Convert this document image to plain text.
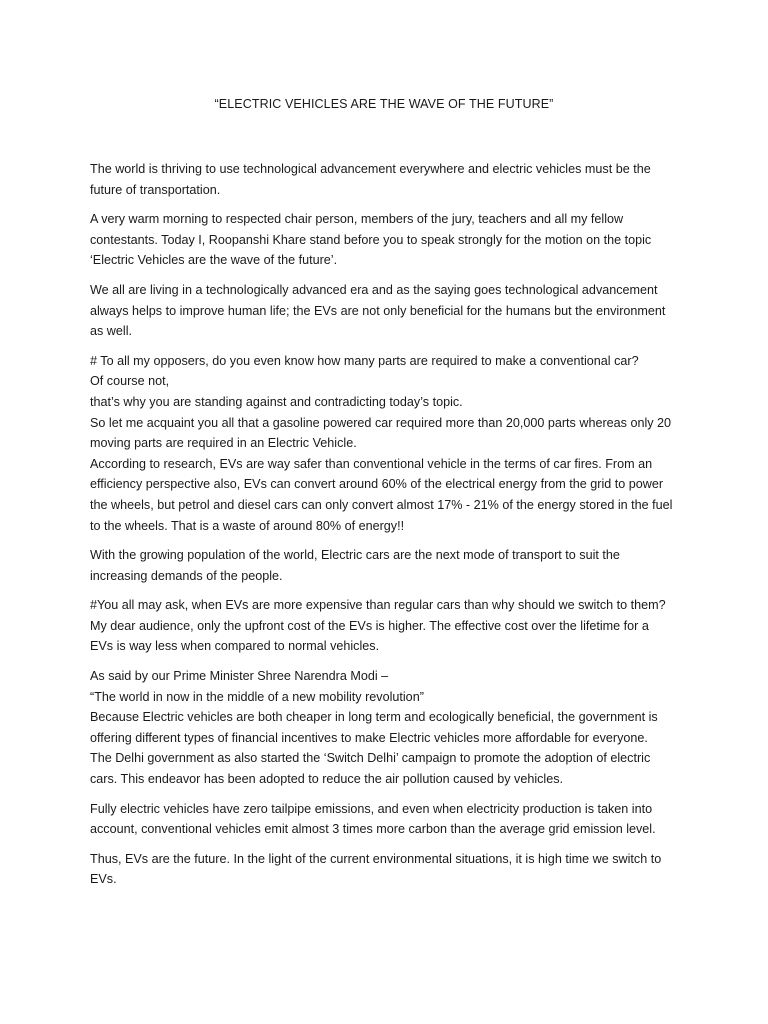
“ELECTRIC VEHICLES ARE THE WAVE OF THE FUTURE”

The world is thriving to use technological advancement everywhere and electric vehicles must be the
future of transportation.

A very warm morning to respected chair person, members of the jury, teachers and all my fellow
contestants. Today I, Roopanshi Khare stand before you to speak strongly for the motion on the topic
‘Electric Vehicles are the wave of the future’.

We all are living in a technologically advanced era and as the saying goes technological advancement
always helps to improve human life; the EVs are not only beneficial for the humans but the environment
as well.

# To all my opposers, do you even know how many parts are required to make a conventional car?
Of course not,
that’s why you are standing against and contradicting today’s topic.
So let me acquaint you all that a gasoline powered car required more than 20,000 parts whereas only 20
moving parts are required in an Electric Vehicle.
According to research, EVs are way safer than conventional vehicle in the terms of car fires. From an
efficiency perspective also, EVs can convert around 60% of the electrical energy from the grid to power
the wheels, but petrol and diesel cars can only convert almost 17% - 21% of the energy stored in the fuel
to the wheels. That is a waste of around 80% of energy!!

With the growing population of the world, Electric cars are the next mode of transport to suit the
increasing demands of the people.

#You all may ask, when EVs are more expensive than regular cars than why should we switch to them?
My dear audience, only the upfront cost of the EVs is higher. The effective cost over the lifetime for a
EVs is way less when compared to normal vehicles.

As said by our Prime Minister Shree Narendra Modi –
“The world in now in the middle of a new mobility revolution”
Because Electric vehicles are both cheaper in long term and ecologically beneficial, the government is
offering different types of financial incentives to make Electric vehicles more affordable for everyone.
The Delhi government as also started the ‘Switch Delhi’ campaign to promote the adoption of electric
cars. This endeavor has been adopted to reduce the air pollution caused by vehicles.

Fully electric vehicles have zero tailpipe emissions, and even when electricity production is taken into
account, conventional vehicles emit almost 3 times more carbon than the average grid emission level.

Thus, EVs are the future. In the light of the current environmental situations, it is high time we switch to
EVs.
